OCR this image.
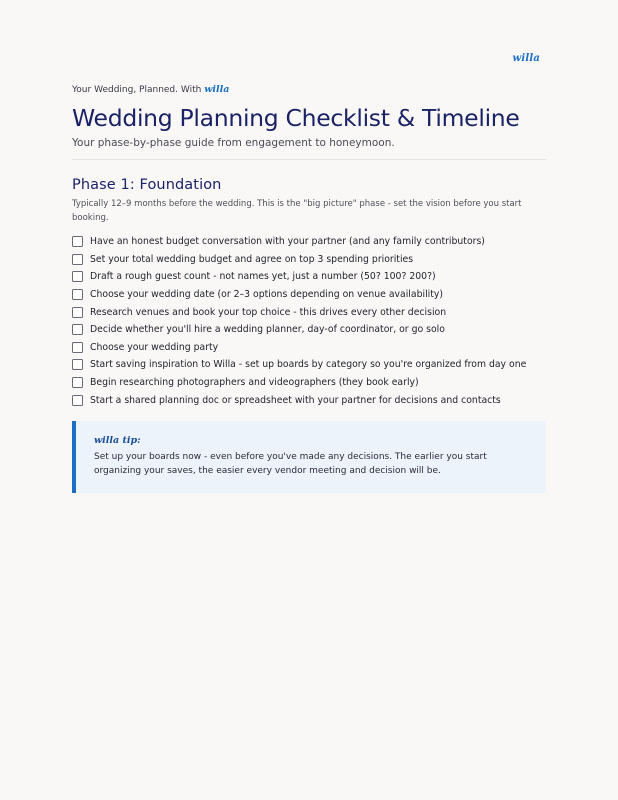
willa
Your Wedding, Planned. With willa
Wedding Planning Checklist & Timeline
Your phase-by-phase guide from engagement to honeymoon.
Phase 1: Foundation
Typically 12–9 months before the wedding. This is the "big picture" phase - set the vision before you start booking.
Have an honest budget conversation with your partner (and any family contributors)
Set your total wedding budget and agree on top 3 spending priorities
Draft a rough guest count - not names yet, just a number (50? 100? 200?)
Choose your wedding date (or 2–3 options depending on venue availability)
Research venues and book your top choice - this drives every other decision
Decide whether you'll hire a wedding planner, day-of coordinator, or go solo
Choose your wedding party
Start saving inspiration to Willa - set up boards by category so you're organized from day one
Begin researching photographers and videographers (they book early)
Start a shared planning doc or spreadsheet with your partner for decisions and contacts
willa tip:
Set up your boards now - even before you've made any decisions. The earlier you start organizing your saves, the easier every vendor meeting and decision will be.
